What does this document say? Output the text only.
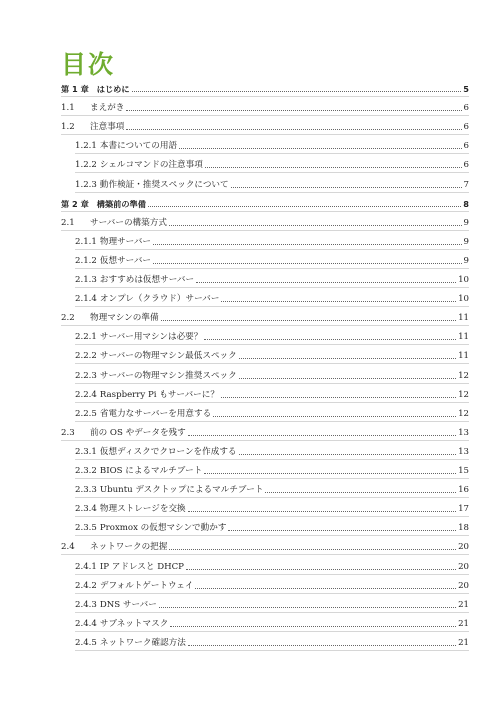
目次
第 1 章 はじめに	5
1.1	まえがき	6
1.2	注意事項	6
1.2.1 本書についての用語	6
1.2.2 シェルコマンドの注意事項	6
1.2.3 動作検証・推奨スペックについて	7
第 2 章 構築前の準備	8
2.1	サーバーの構築方式	9
2.1.1 物理サーバー	9
2.1.2 仮想サーバー	9
2.1.3 おすすめは仮想サーバー	10
2.1.4 オンプレ（クラウド）サーバー	10
2.2	物理マシンの準備	11
2.2.1 サーバー用マシンは必要？	11
2.2.2 サーバーの物理マシン最低スペック	11
2.2.3 サーバーの物理マシン推奨スペック	12
2.2.4 Raspberry Pi もサーバーに？	12
2.2.5 省電力なサーバーを用意する	12
2.3	前の OS やデータを残す	13
2.3.1 仮想ディスクでクローンを作成する	13
2.3.2 BIOS によるマルチブート	15
2.3.3 Ubuntu デスクトップによるマルチブート	16
2.3.4 物理ストレージを交換	17
2.3.5 Proxmox の仮想マシンで動かす	18
2.4	ネットワークの把握	20
2.4.1 IP アドレスと DHCP	20
2.4.2 デフォルトゲートウェイ	20
2.4.3 DNS サーバー	21
2.4.4 サブネットマスク	21
2.4.5 ネットワーク確認方法	21
